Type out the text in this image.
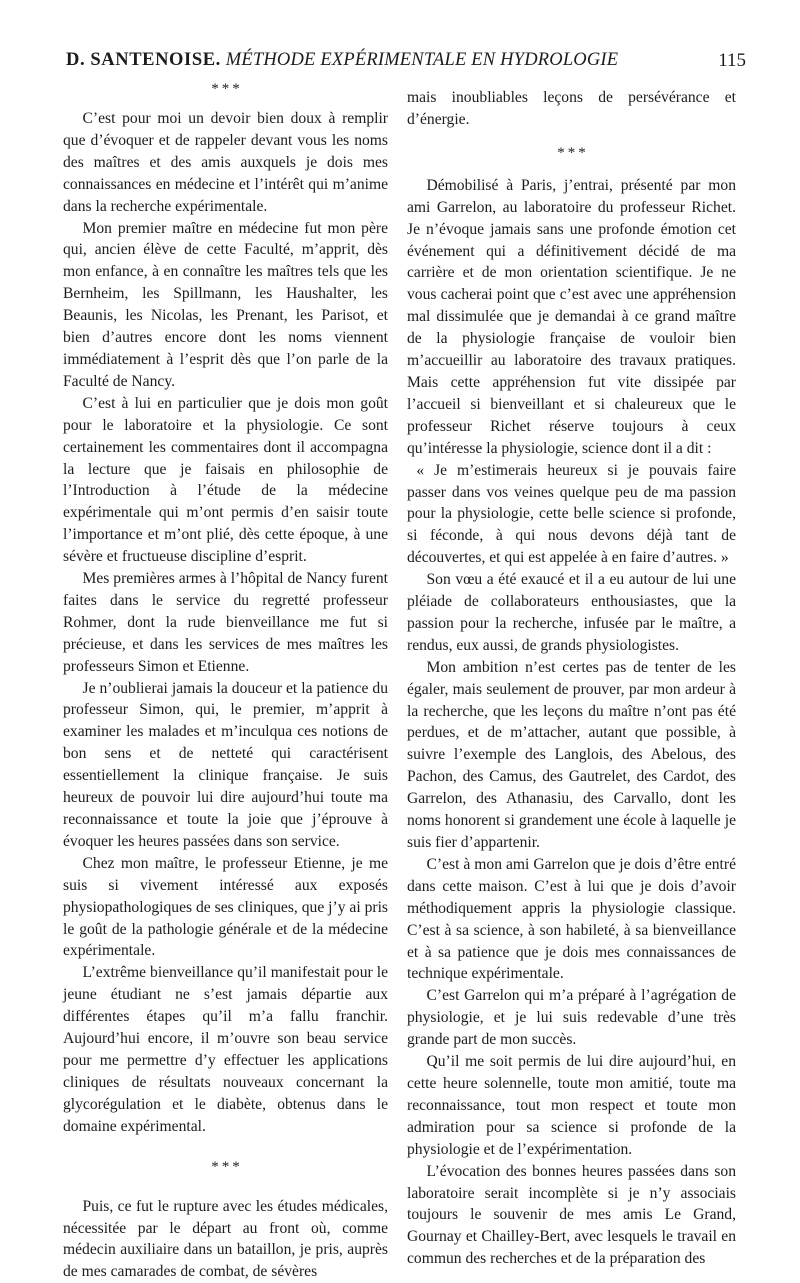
D. SANTENOISE. MÉTHODE EXPÉRIMENTALE EN HYDROLOGIE	115
* * *

C’est pour moi un devoir bien doux à remplir que d’évoquer et de rappeler devant vous les noms des maîtres et des amis auxquels je dois mes connaissances en médecine et l’intérêt qui m’anime dans la recherche expérimentale.

Mon premier maître en médecine fut mon père qui, ancien élève de cette Faculté, m’apprit, dès mon enfance, à en connaître les maîtres tels que les Bernheim, les Spillmann, les Haushalter, les Beaunis, les Nicolas, les Prenant, les Parisot, et bien d’autres encore dont les noms viennent immédiatement à l’esprit dès que l’on parle de la Faculté de Nancy.

C’est à lui en particulier que je dois mon goût pour le laboratoire et la physiologie. Ce sont certainement les commentaires dont il accompagna la lecture que je faisais en philosophie de l’Introduction à l’étude de la médecine expérimentale qui m’ont permis d’en saisir toute l’importance et m’ont plié, dès cette époque, à une sévère et fructueuse discipline d’esprit.

Mes premières armes à l’hôpital de Nancy furent faites dans le service du regretté professeur Rohmer, dont la rude bienveillance me fut si précieuse, et dans les services de mes maîtres les professeurs Simon et Etienne.

Je n’oublierai jamais la douceur et la patience du professeur Simon, qui, le premier, m’apprit à examiner les malades et m’inculqua ces notions de bon sens et de netteté qui caractérisent essentiellement la clinique française. Je suis heureux de pouvoir lui dire aujourd’hui toute ma reconnaissance et toute la joie que j’éprouve à évoquer les heures passées dans son service.

Chez mon maître, le professeur Etienne, je me suis si vivement intéressé aux exposés physiopathologiques de ses cliniques, que j’y ai pris le goût de la pathologie générale et de la médecine expérimentale.

L’extrême bienveillance qu’il manifestait pour le jeune étudiant ne s’est jamais départie aux différentes étapes qu’il m’a fallu franchir. Aujourd’hui encore, il m’ouvre son beau service pour me permettre d’y effectuer les applications cliniques de résultats nouveaux concernant la glycorégulation et le diabète, obtenus dans le domaine expérimental.

* * *

Puis, ce fut le rupture avec les études médicales, nécessitée par le départ au front où, comme médecin auxiliaire dans un bataillon, je pris, auprès de mes camarades de combat, de sévères

mais inoubliables leçons de persévérance et d’énergie.

* * *

Démobilisé à Paris, j’entrai, présenté par mon ami Garrelon, au laboratoire du professeur Richet. Je n’évoque jamais sans une profonde émotion cet événement qui a définitivement décidé de ma carrière et de mon orientation scientifique. Je ne vous cacherai point que c’est avec une appréhension mal dissimulée que je demandai à ce grand maître de la physiologie française de vouloir bien m’accueillir au laboratoire des travaux pratiques. Mais cette appréhension fut vite dissipée par l’accueil si bienveillant et si chaleureux que le professeur Richet réserve toujours à ceux qu’intéresse la physiologie, science dont il a dit :

« Je m’estimerais heureux si je pouvais faire passer dans vos veines quelque peu de ma passion pour la physiologie, cette belle science si profonde, si féconde, à qui nous devons déjà tant de découvertes, et qui est appelée à en faire d’autres. »

Son vœu a été exaucé et il a eu autour de lui une pléiade de collaborateurs enthousiastes, que la passion pour la recherche, infusée par le maître, a rendus, eux aussi, de grands physiologistes.

Mon ambition n’est certes pas de tenter de les égaler, mais seulement de prouver, par mon ardeur à la recherche, que les leçons du maître n’ont pas été perdues, et de m’attacher, autant que possible, à suivre l’exemple des Langlois, des Abelous, des Pachon, des Camus, des Gautrelet, des Cardot, des Garrelon, des Athanasiu, des Carvallo, dont les noms honorent si grandement une école à laquelle je suis fier d’appartenir.

C’est à mon ami Garrelon que je dois d’être entré dans cette maison. C’est à lui que je dois d’avoir méthodiquement appris la physiologie classique. C’est à sa science, à son habileté, à sa bienveillance et à sa patience que je dois mes connaissances de technique expérimentale.

C’est Garrelon qui m’a préparé à l’agrégation de physiologie, et je lui suis redevable d’une très grande part de mon succès.

Qu’il me soit permis de lui dire aujourd’hui, en cette heure solennelle, toute mon amitié, toute ma reconnaissance, tout mon respect et toute mon admiration pour sa science si profonde de la physiologie et de l’expérimentation.

L’évocation des bonnes heures passées dans son laboratoire serait incomplète si je n’y associais toujours le souvenir de mes amis Le Grand, Gournay et Chailley-Bert, avec lesquels le travail en commun des recherches et de la préparation des
